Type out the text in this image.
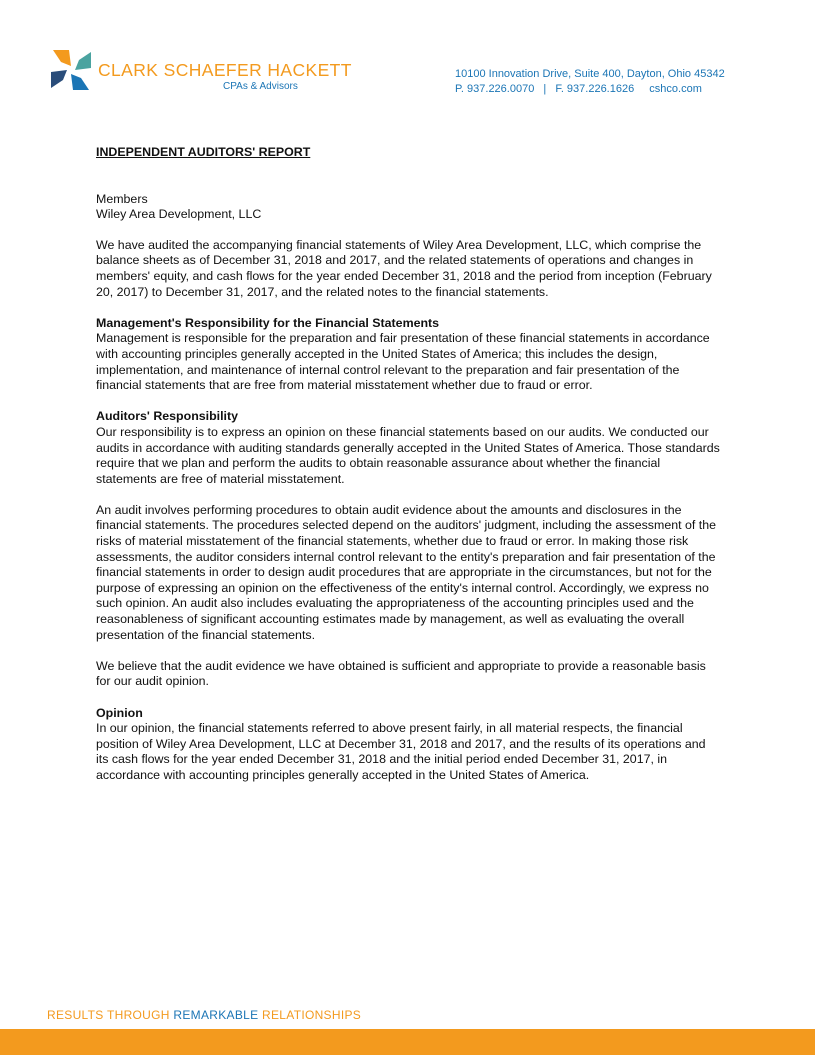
CLARK SCHAEFER HACKETT
CPAs & Advisors
10100 Innovation Drive, Suite 400, Dayton, Ohio 45342
P. 937.226.0070 | F. 937.226.1626 cshco.com
INDEPENDENT AUDITORS' REPORT
Members
Wiley Area Development, LLC

We have audited the accompanying financial statements of Wiley Area Development, LLC, which comprise the balance sheets as of December 31, 2018 and 2017, and the related statements of operations and changes in members' equity, and cash flows for the year ended December 31, 2018 and the period from inception (February 20, 2017) to December 31, 2017, and the related notes to the financial statements.

Management's Responsibility for the Financial Statements

Management is responsible for the preparation and fair presentation of these financial statements in accordance with accounting principles generally accepted in the United States of America; this includes the design, implementation, and maintenance of internal control relevant to the preparation and fair presentation of the financial statements that are free from material misstatement whether due to fraud or error.

Auditors' Responsibility

Our responsibility is to express an opinion on these financial statements based on our audits. We conducted our audits in accordance with auditing standards generally accepted in the United States of America. Those standards require that we plan and perform the audits to obtain reasonable assurance about whether the financial statements are free of material misstatement.

An audit involves performing procedures to obtain audit evidence about the amounts and disclosures in the financial statements. The procedures selected depend on the auditors' judgment, including the assessment of the risks of material misstatement of the financial statements, whether due to fraud or error. In making those risk assessments, the auditor considers internal control relevant to the entity's preparation and fair presentation of the financial statements in order to design audit procedures that are appropriate in the circumstances, but not for the purpose of expressing an opinion on the effectiveness of the entity's internal control. Accordingly, we express no such opinion. An audit also includes evaluating the appropriateness of the accounting principles used and the reasonableness of significant accounting estimates made by management, as well as evaluating the overall presentation of the financial statements.

We believe that the audit evidence we have obtained is sufficient and appropriate to provide a reasonable basis for our audit opinion.

Opinion

In our opinion, the financial statements referred to above present fairly, in all material respects, the financial position of Wiley Area Development, LLC at December 31, 2018 and 2017, and the results of its operations and its cash flows for the year ended December 31, 2018 and the initial period ended December 31, 2017, in accordance with accounting principles generally accepted in the United States of America.

RESULTS THROUGH REMARKABLE RELATIONSHIPS
